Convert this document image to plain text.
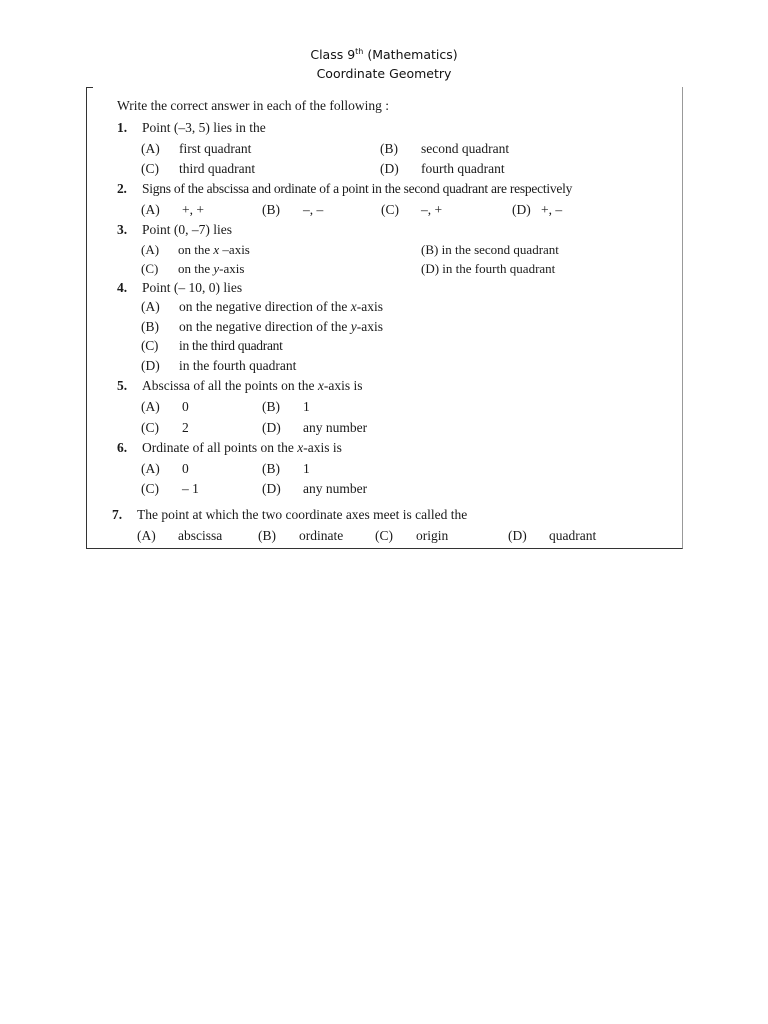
Class 9th (Mathematics)
Coordinate Geometry
Write the correct answer in each of the following :
1. Point (–3, 5) lies in the
(A) first quadrant	(B) second quadrant
(C) third quadrant	(D) fourth quadrant
2. Signs of the abscissa and ordinate of a point in the second quadrant are respectively
(A) +, +	(B) –, –	(C) –, +	(D) +, –
3. Point (0, –7) lies
(A) on the x –axis	(B) in the second quadrant
(C) on the y-axis	(D) in the fourth quadrant
4. Point (– 10, 0) lies
(A) on the negative direction of the x-axis
(B) on the negative direction of the y-axis
(C) in the third quadrant
(D) in the fourth quadrant
5. Abscissa of all the points on the x-axis is
(A) 0	(B) 1
(C) 2	(D) any number
6. Ordinate of all points on the x-axis is
(A) 0	(B) 1
(C) – 1	(D) any number
7. The point at which the two coordinate axes meet is called the
(A) abscissa	(B) ordinate (C) origin	(D) quadrant
